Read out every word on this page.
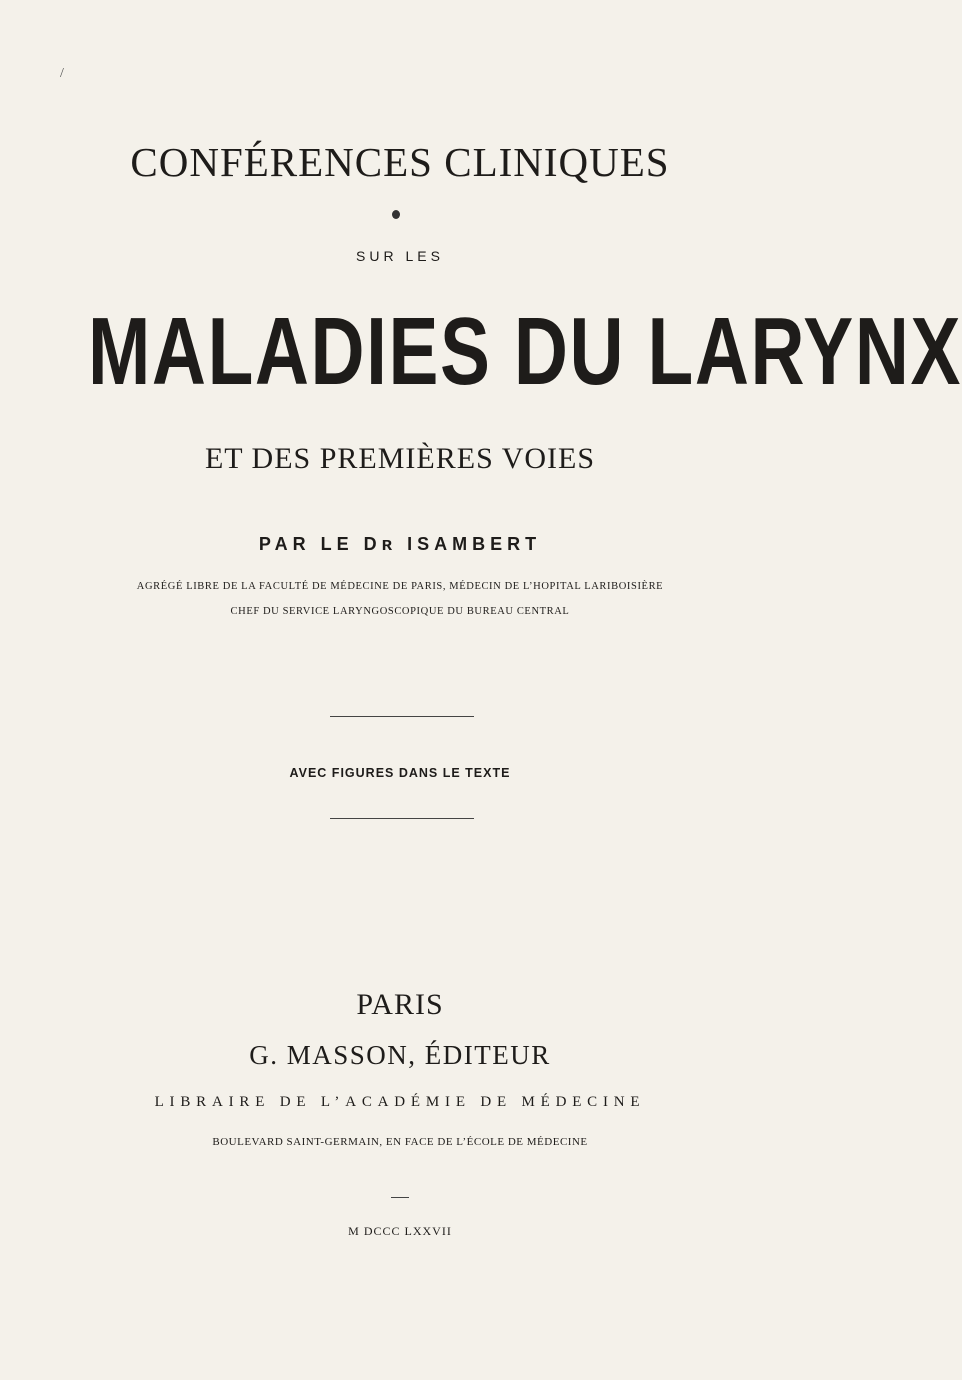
/
CONFÉRENCES CLINIQUES
SUR LES
MALADIES DU LARYNX
ET DES PREMIÈRES VOIES
PAR LE Dʀ ISAMBERT
AGRÉGÉ LIBRE DE LA FACULTÉ DE MÉDECINE DE PARIS, MÉDECIN DE L’HOPITAL LARIBOISIÈRE
CHEF DU SERVICE LARYNGOSCOPIQUE DU BUREAU CENTRAL
AVEC FIGURES DANS LE TEXTE
PARIS
G. MASSON, ÉDITEUR
LIBRAIRE DE L’ACADÉMIE DE MÉDECINE
BOULEVARD SAINT-GERMAIN, EN FACE DE L’ÉCOLE DE MÉDECINE
M DCCC LXXVII
